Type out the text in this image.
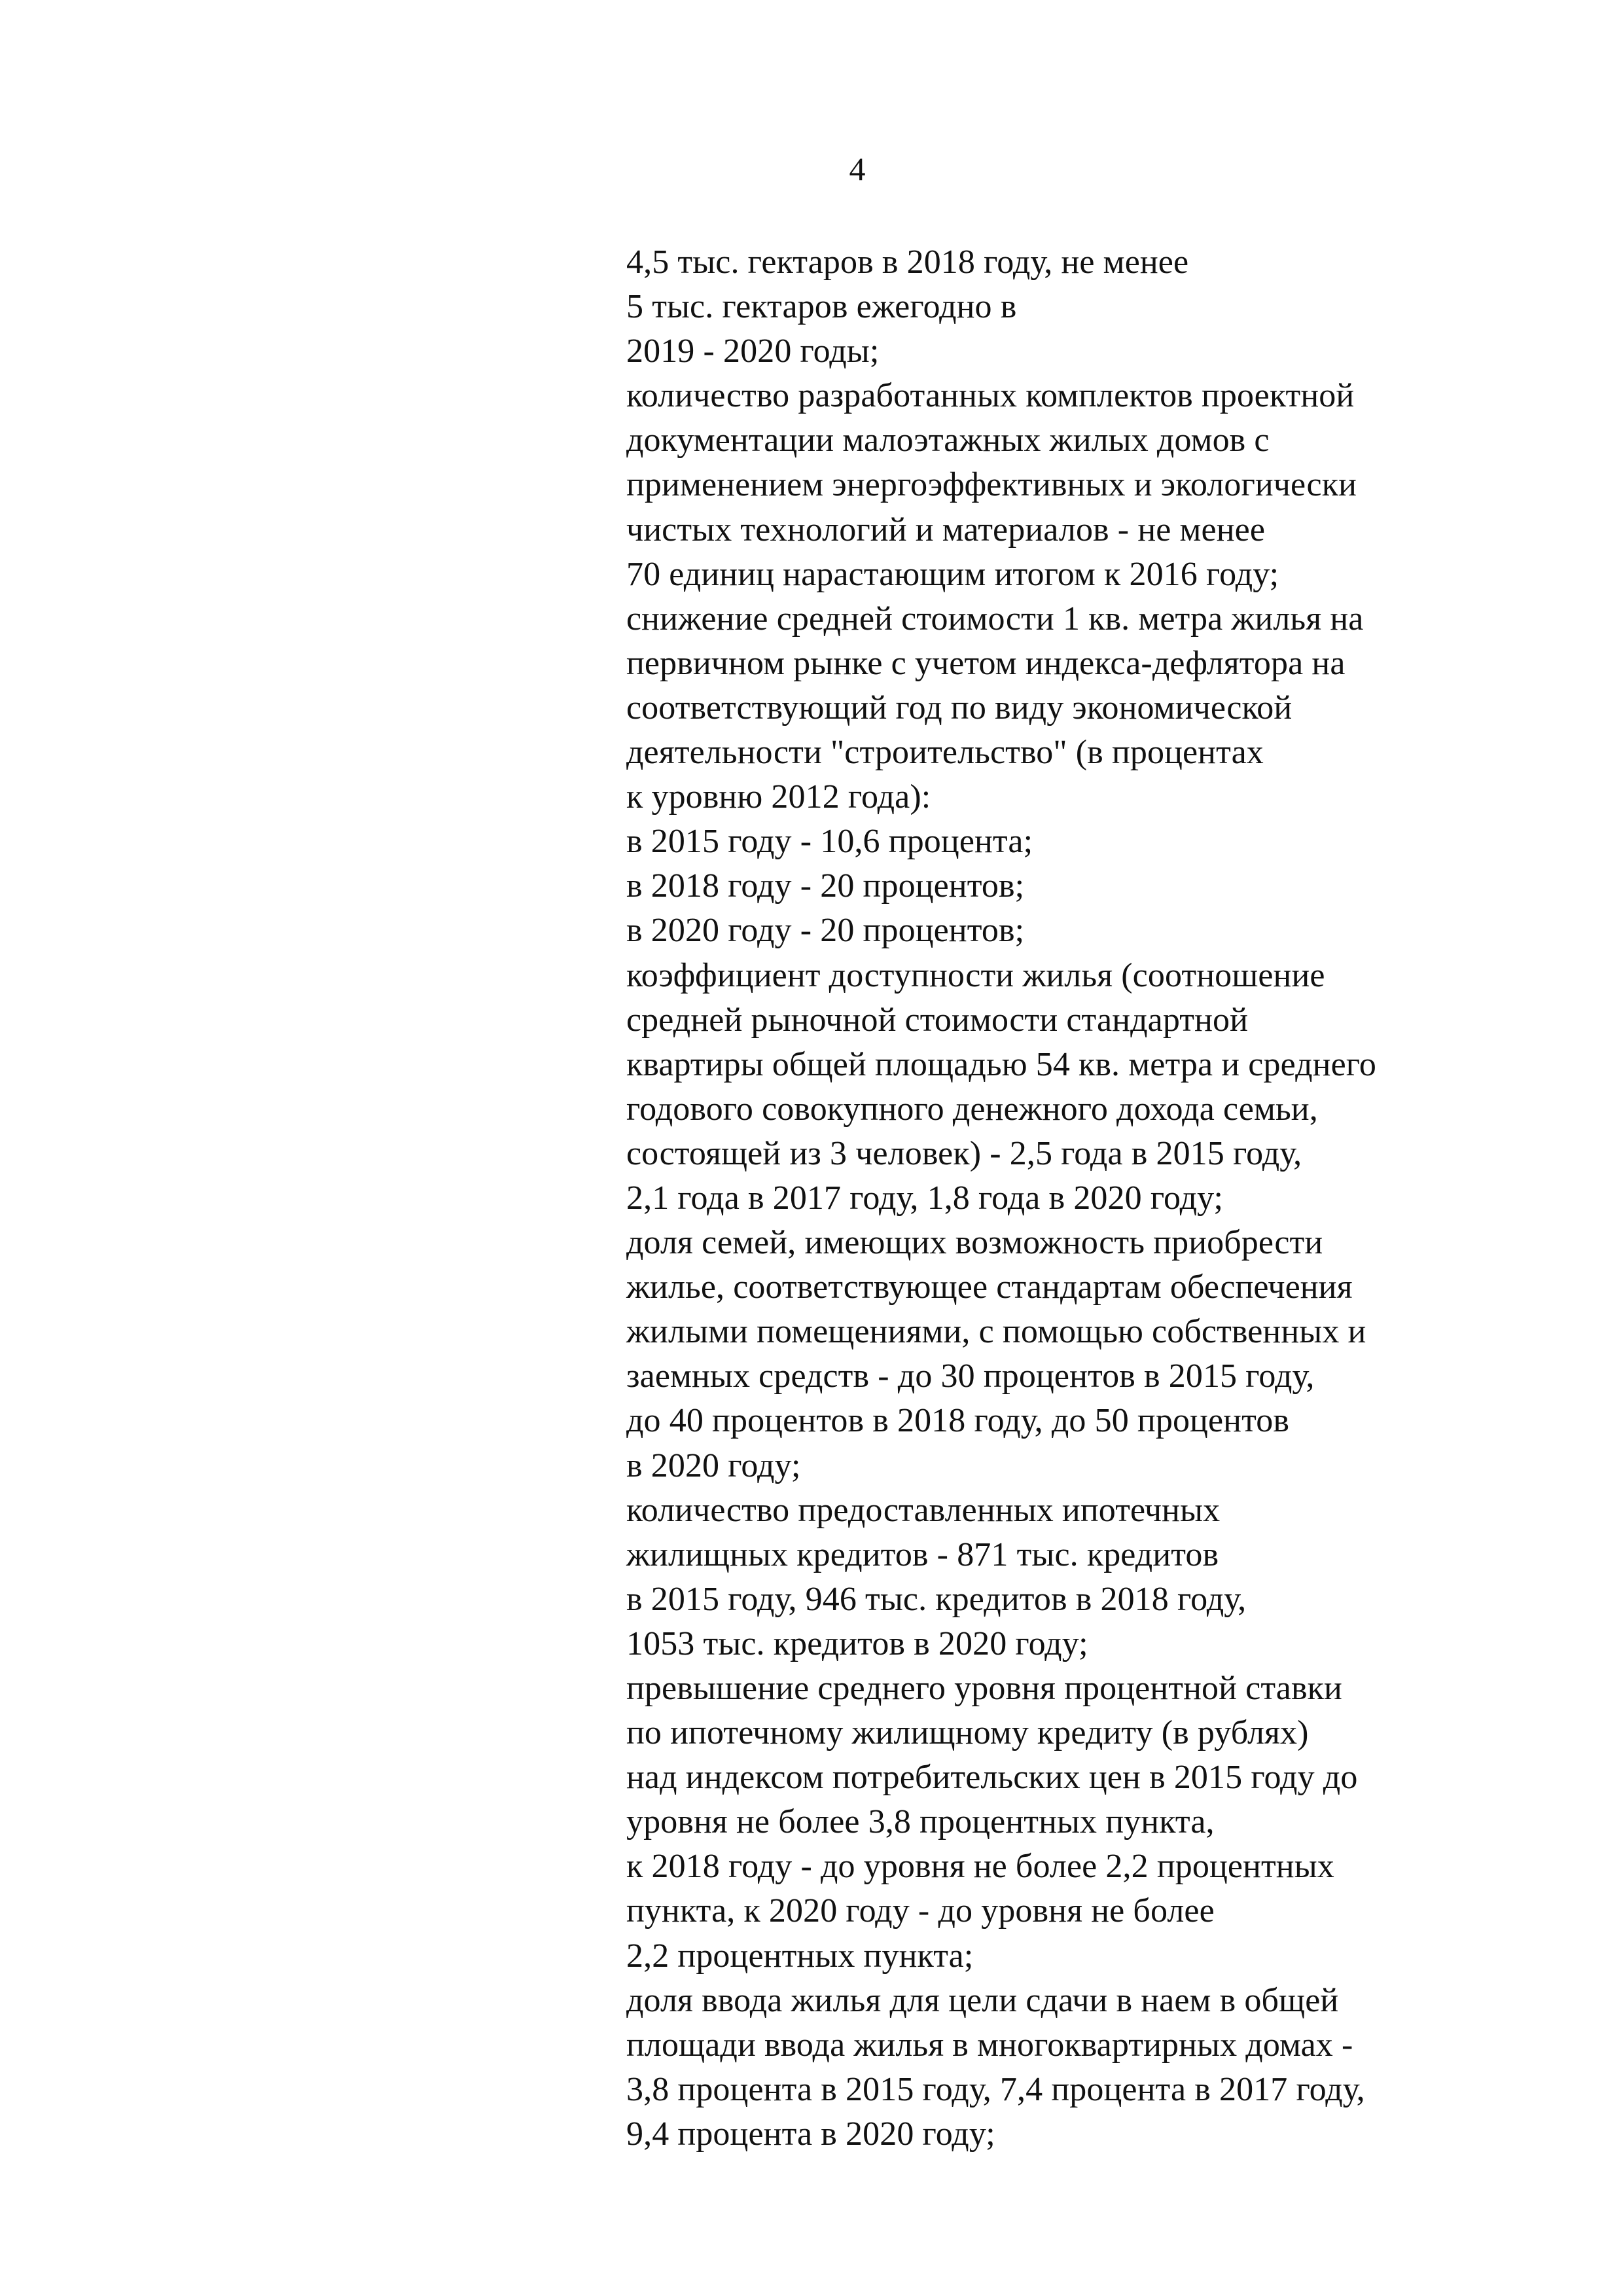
4
4,5 тыс. гектаров в 2018 году, не менее
5 тыс. гектаров ежегодно в
2019 - 2020 годы;
количество разработанных комплектов проектной
документации малоэтажных жилых домов с
применением энергоэффективных и экологически
чистых технологий и материалов - не менее
70 единиц нарастающим итогом к 2016 году;
снижение средней стоимости 1 кв. метра жилья на
первичном рынке с учетом индекса-дефлятора на
соответствующий год по виду экономической
деятельности "строительство" (в процентах
к уровню 2012 года):
в 2015 году - 10,6 процента;
в 2018 году - 20 процентов;
в 2020 году - 20 процентов;
коэффициент доступности жилья (соотношение
средней рыночной стоимости стандартной
квартиры общей площадью 54 кв. метра и среднего
годового совокупного денежного дохода семьи,
состоящей из 3 человек) - 2,5 года в 2015 году,
2,1 года в 2017 году, 1,8 года в 2020 году;
доля семей, имеющих возможность приобрести
жилье, соответствующее стандартам обеспечения
жилыми помещениями, с помощью собственных и
заемных средств - до 30 процентов в 2015 году,
до 40 процентов в 2018 году, до 50 процентов
в 2020 году;
количество предоставленных ипотечных
жилищных кредитов - 871 тыс. кредитов
в 2015 году, 946 тыс. кредитов в 2018 году,
1053 тыс. кредитов в 2020 году;
превышение среднего уровня процентной ставки
по ипотечному жилищному кредиту (в рублях)
над индексом потребительских цен в 2015 году до
уровня не более 3,8 процентных пункта,
к 2018 году - до уровня не более 2,2 процентных
пункта, к 2020 году - до уровня не более
2,2 процентных пункта;
доля ввода жилья для цели сдачи в наем в общей
площади ввода жилья в многоквартирных домах -
3,8 процента в 2015 году, 7,4 процента в 2017 году,
9,4 процента в 2020 году;
